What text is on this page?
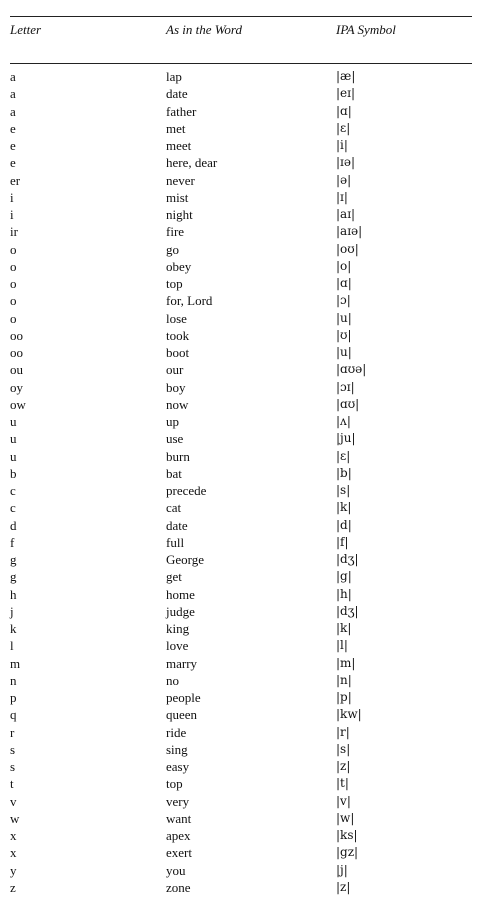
Letter	As in the Word	IPA Symbol
a	lap	|æ|
a	date	|eɪ|
a	father	|ɑ|
e	met	|ɛ|
e	meet	|i|
e	here, dear	|ɪə|
er	never	|ə|
i	mist	|ɪ|
i	night	|aɪ|
ir	fire	|aɪə|
o	go	|oʊ|
o	obey	|o|
o	top	|ɑ|
o	for, Lord	|ɔ|
o	lose	|u|
oo	took	|ʊ|
oo	boot	|u|
ou	our	|ɑʊə|
oy	boy	|ɔɪ|
ow	now	|ɑʊ|
u	up	|ʌ|
u	use	|ju|
u	burn	|ɛ|
b	bat	|b|
c	precede	|s|
c	cat	|k|
d	date	|d|
f	full	|f|
g	George	|dʒ|
g	get	|g|
h	home	|h|
j	judge	|dʒ|
k	king	|k|
l	love	|l|
m	marry	|m|
n	no	|n|
p	people	|p|
q	queen	|kw|
r	ride	|r|
s	sing	|s|
s	easy	|z|
t	top	|t|
v	very	|v|
w	want	|w|
x	apex	|ks|
x	exert	|gz|
y	you	|j|
z	zone	|z|
